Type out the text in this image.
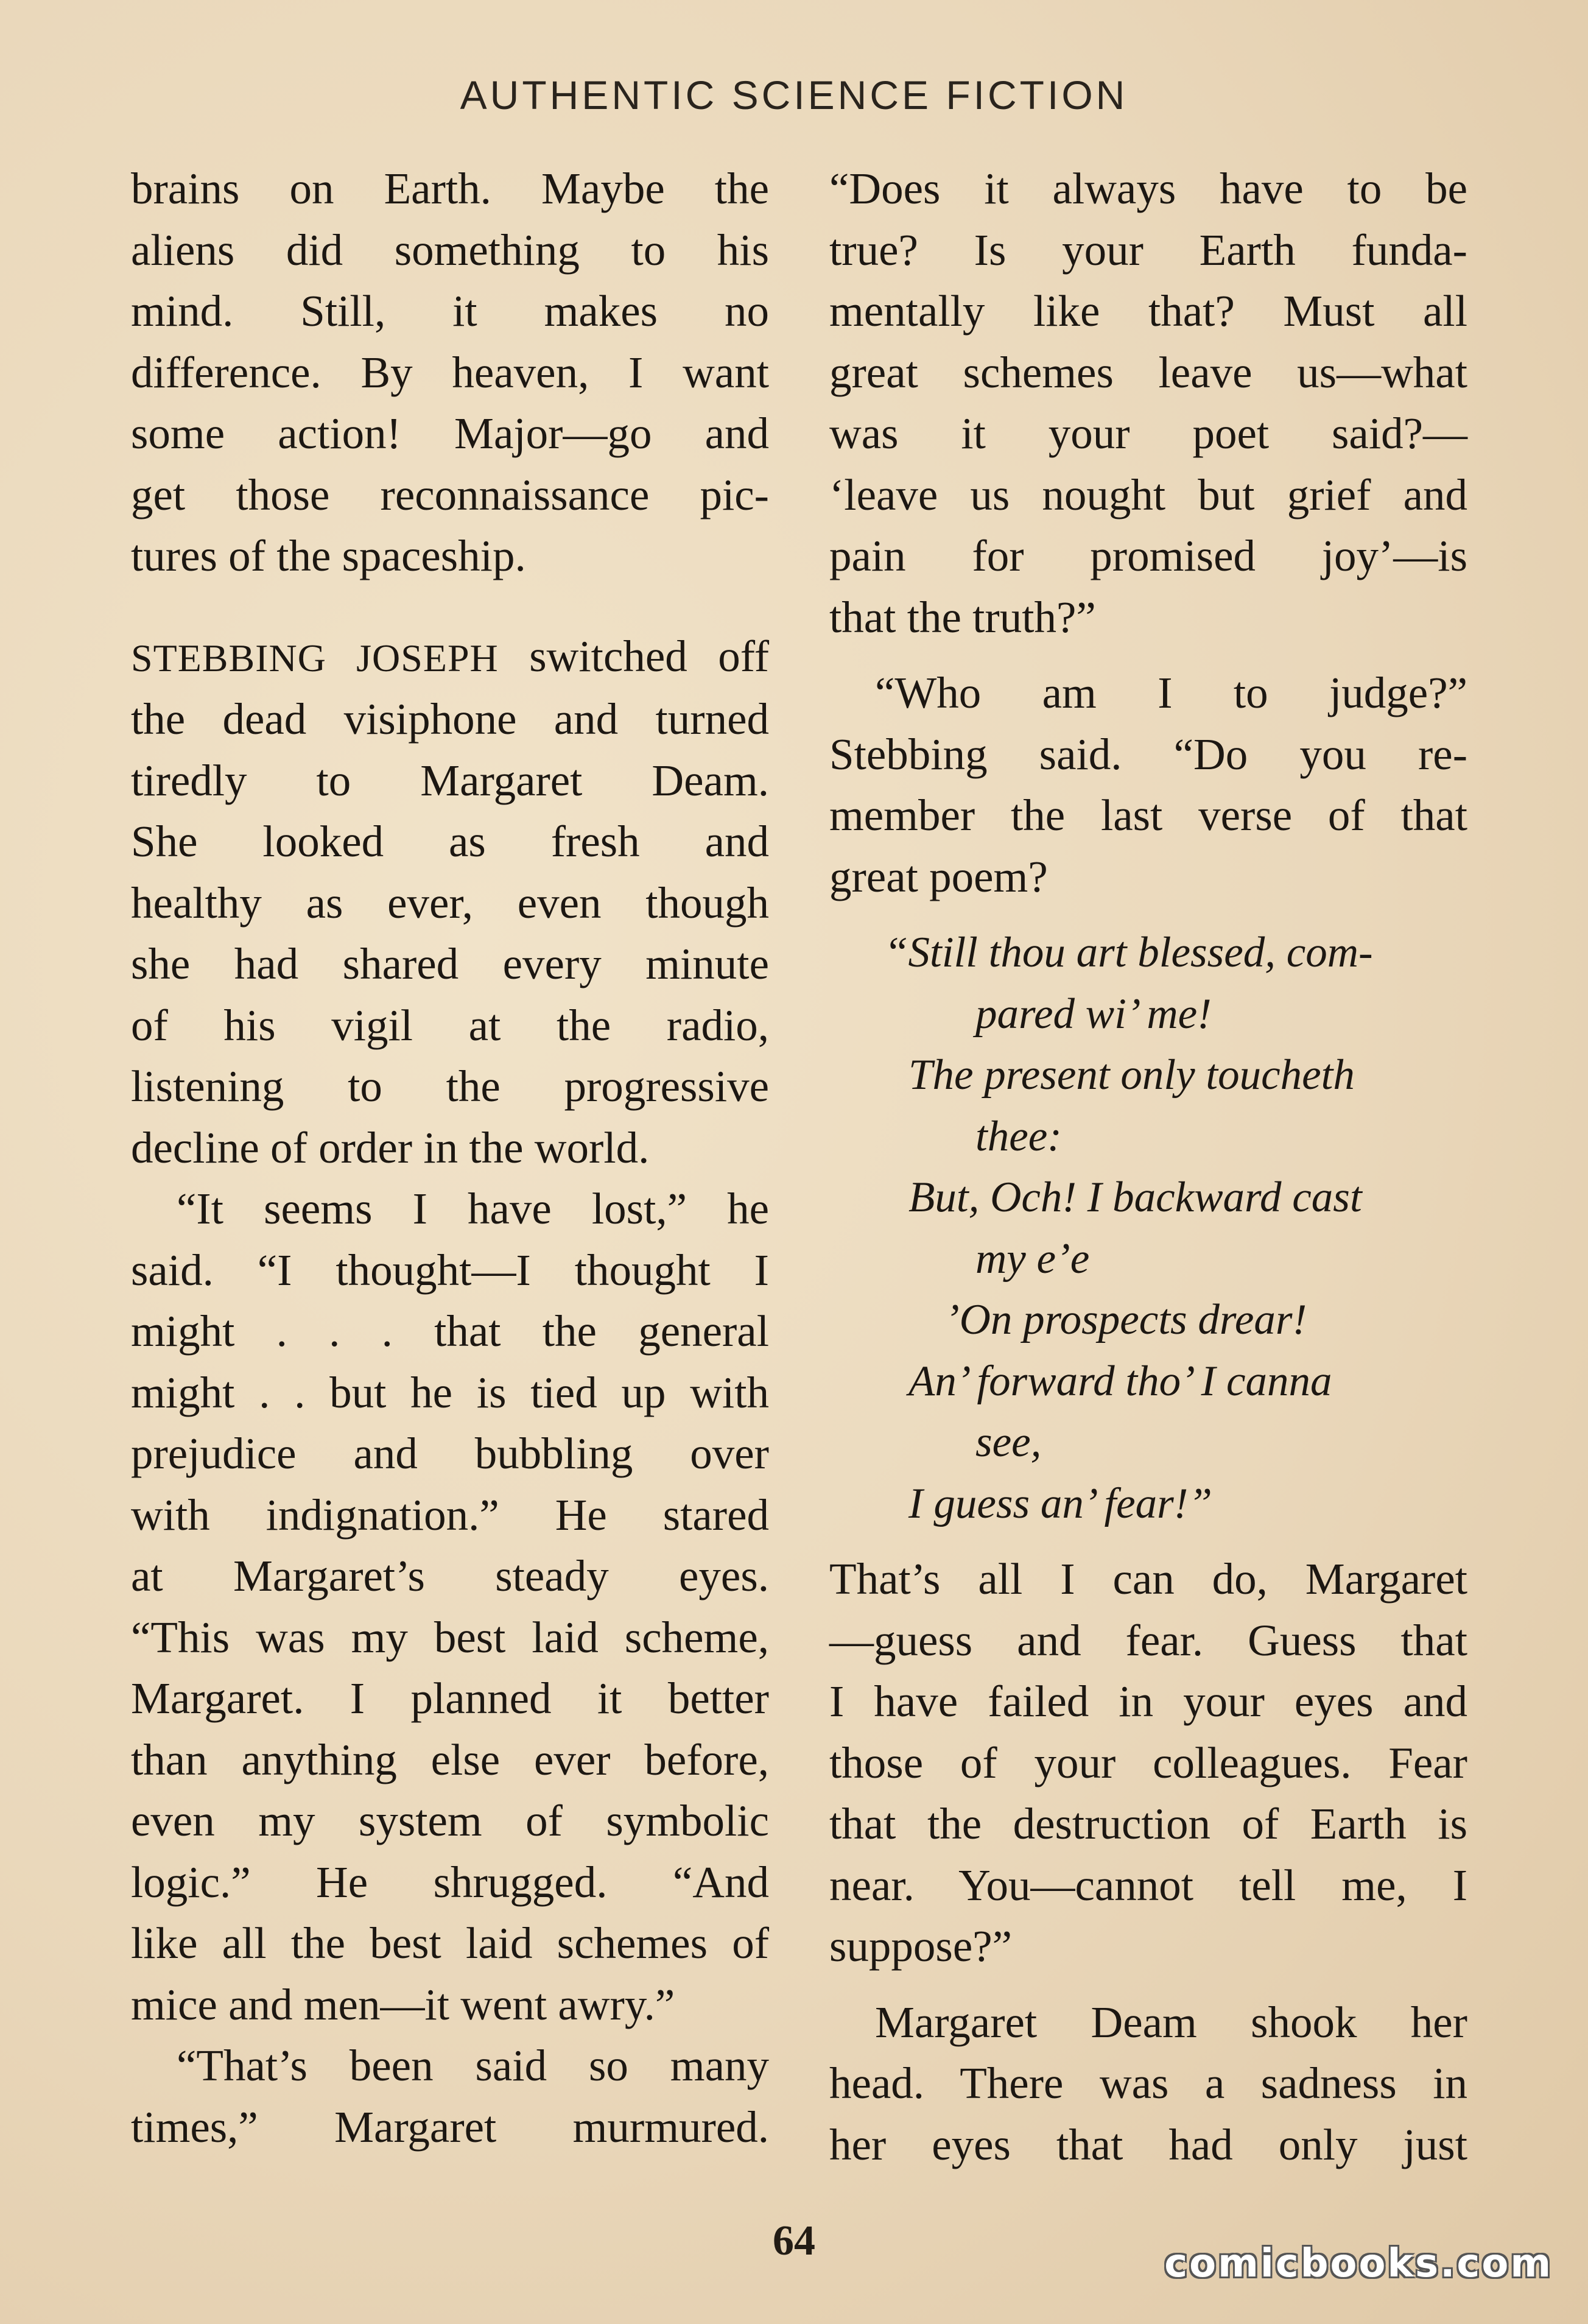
AUTHENTIC SCIENCE FICTION
brains on Earth. Maybe the
aliens did something to his
mind. Still, it makes no
difference. By heaven, I want
some action! Major—go and
get those reconnaissance pic-
tures of the spaceship.
STEBBING JOSEPH switched off
the dead visiphone and turned
tiredly to Margaret Deam.
She looked as fresh and
healthy as ever, even though
she had shared every minute
of his vigil at the radio,
listening to the progressive
decline of order in the world.
“It seems I have lost,” he
said. “I thought—I thought I
might . . . that the general
might . . but he is tied up with
prejudice and bubbling over
with indignation.” He stared
at Margaret’s steady eyes.
“This was my best laid scheme,
Margaret. I planned it better
than anything else ever before,
even my system of symbolic
logic.” He shrugged. “And
like all the best laid schemes of
mice and men—it went awry.”
“That’s been said so many
times,” Margaret murmured.
“Does it always have to be
true? Is your Earth funda-
mentally like that? Must all
great schemes leave us—what
was it your poet said?—
‘leave us nought but grief and
pain for promised joy’—is
that the truth?”
“Who am I to judge?”
Stebbing said. “Do you re-
member the last verse of that
great poem?
“Still thou art blessed, com-
pared wi’ me!
The present only toucheth
thee:
But, Och! I backward cast
my e’e
’On prospects drear!
An’ forward tho’ I canna
see,
I guess an’ fear!”
That’s all I can do, Margaret
—guess and fear. Guess that
I have failed in your eyes and
those of your colleagues. Fear
that the destruction of Earth is
near. You—cannot tell me, I
suppose?”
Margaret Deam shook her
head. There was a sadness in
her eyes that had only just
64	comicbooks.com
